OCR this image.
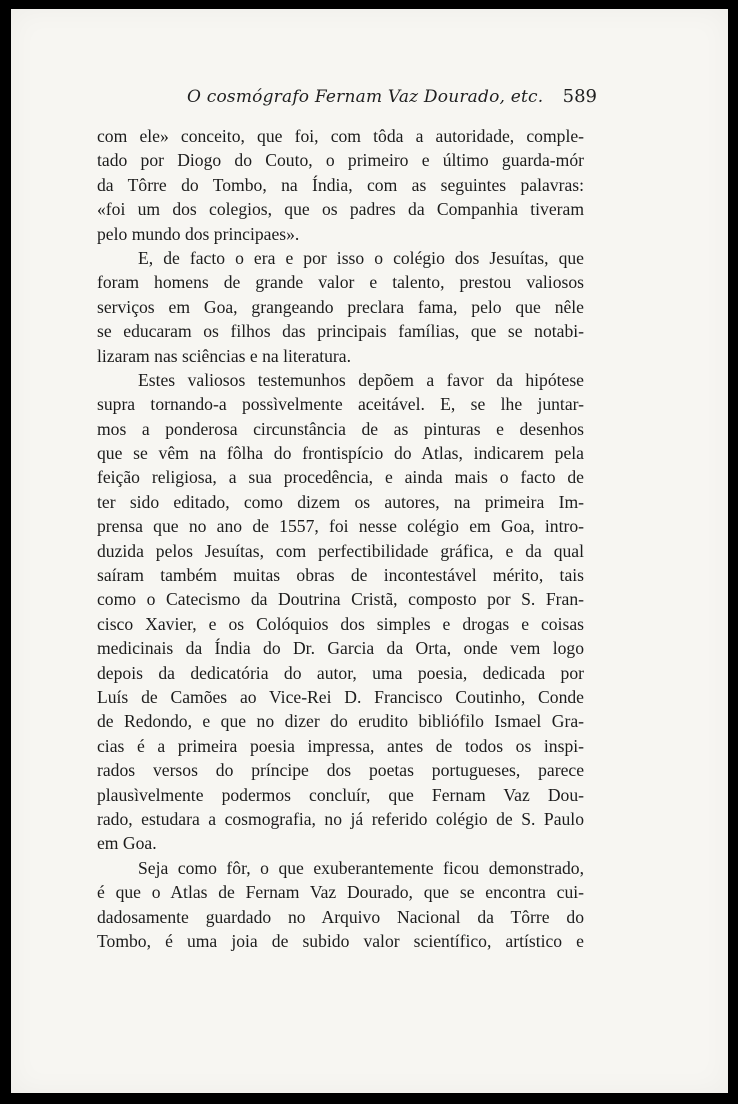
O cosmógrafo Fernam Vaz Dourado, etc. 589
com ele» conceito, que foi, com tôda a autoridade, comple-
tado por Diogo do Couto, o primeiro e último guarda-mór
da Tôrre do Tombo, na Índia, com as seguintes palavras:
«foi um dos colegios, que os padres da Companhia tiveram
pelo mundo dos principaes».
E, de facto o era e por isso o colégio dos Jesuítas, que
foram homens de grande valor e talento, prestou valiosos
serviços em Goa, grangeando preclara fama, pelo que nêle
se educaram os filhos das principais famílias, que se notabi-
lizaram nas sciências e na literatura.
Estes valiosos testemunhos depõem a favor da hipótese
supra tornando-a possìvelmente aceitável. E, se lhe juntar-
mos a ponderosa circunstância de as pinturas e desenhos
que se vêm na fôlha do frontispício do Atlas, indicarem pela
feição religiosa, a sua procedência, e ainda mais o facto de
ter sido editado, como dizem os autores, na primeira Im-
prensa que no ano de 1557, foi nesse colégio em Goa, intro-
duzida pelos Jesuítas, com perfectibilidade gráfica, e da qual
saíram também muitas obras de incontestável mérito, tais
como o Catecismo da Doutrina Cristã, composto por S. Fran-
cisco Xavier, e os Colóquios dos simples e drogas e coisas
medicinais da Índia do Dr. Garcia da Orta, onde vem logo
depois da dedicatória do autor, uma poesia, dedicada por
Luís de Camões ao Vice-Rei D. Francisco Coutinho, Conde
de Redondo, e que no dizer do erudito bibliófilo Ismael Gra-
cias é a primeira poesia impressa, antes de todos os inspi-
rados versos do príncipe dos poetas portugueses, parece
plausìvelmente podermos concluír, que Fernam Vaz Dou-
rado, estudara a cosmografia, no já referido colégio de S. Paulo
em Goa.
Seja como fôr, o que exuberantemente ficou demonstrado,
é que o Atlas de Fernam Vaz Dourado, que se encontra cui-
dadosamente guardado no Arquivo Nacional da Tôrre do
Tombo, é uma joia de subido valor scientífico, artístico e
